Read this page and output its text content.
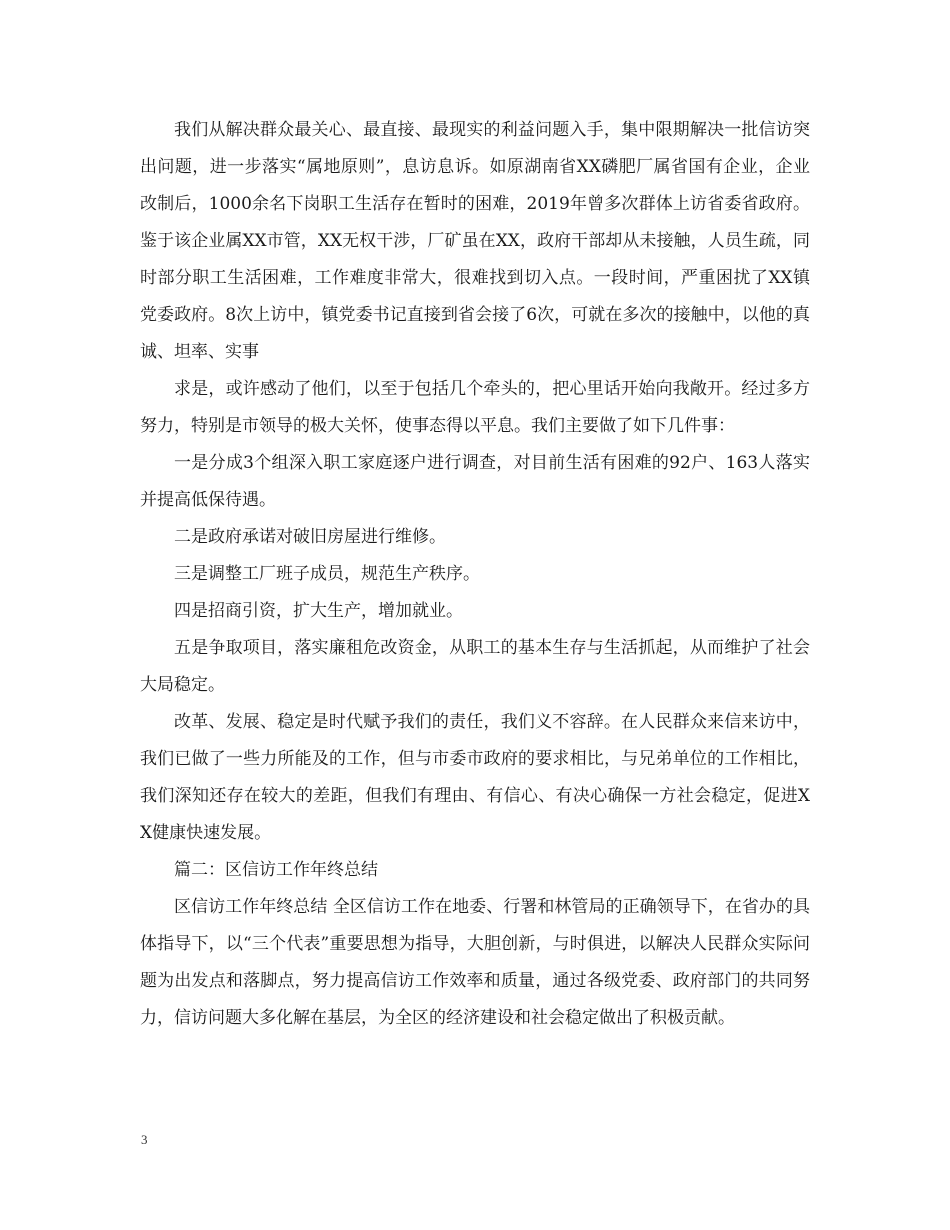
我们从解决群众最关心、最直接、最现实的利益问题入手，集中限期解决一批信访突出问题，进一步落实“属地原则”，息访息诉。如原湖南省XX磷肥厂属省国有企业，企业改制后，1000余名下岗职工生活存在暂时的困难，2019年曾多次群体上访省委省政府。鉴于该企业属XX市管，XX无权干涉，厂矿虽在XX，政府干部却从未接触，人员生疏，同时部分职工生活困难，工作难度非常大，很难找到切入点。一段时间，严重困扰了XX镇党委政府。8次上访中，镇党委书记直接到省会接了6次，可就在多次的接触中，以他的真诚、坦率、实事

求是，或许感动了他们，以至于包括几个牵头的，把心里话开始向我敞开。经过多方努力，特别是市领导的极大关怀，使事态得以平息。我们主要做了如下几件事：

一是分成3个组深入职工家庭逐户进行调查，对目前生活有困难的92户、163人落实并提高低保待遇。

二是政府承诺对破旧房屋进行维修。

三是调整工厂班子成员，规范生产秩序。

四是招商引资，扩大生产，增加就业。

五是争取项目，落实廉租危改资金，从职工的基本生存与生活抓起，从而维护了社会大局稳定。

改革、发展、稳定是时代赋予我们的责任，我们义不容辞。在人民群众来信来访中，我们已做了一些力所能及的工作，但与市委市政府的要求相比，与兄弟单位的工作相比，我们深知还存在较大的差距，但我们有理由、有信心、有决心确保一方社会稳定，促进XX健康快速发展。

篇二：区信访工作年终总结

区信访工作年终总结 全区信访工作在地委、行署和林管局的正确领导下，在省办的具体指导下，以“三个代表”重要思想为指导，大胆创新，与时俱进，以解决人民群众实际问题为出发点和落脚点，努力提高信访工作效率和质量，通过各级党委、政府部门的共同努力，信访问题大多化解在基层，为全区的经济建设和社会稳定做出了积极贡献。

3
